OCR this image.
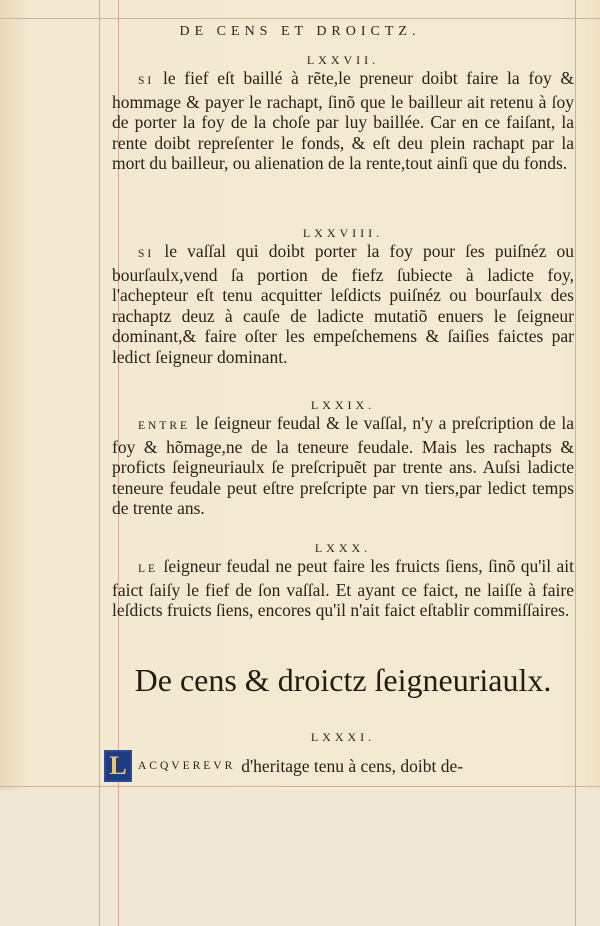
DE CENS ET DROICTZ.

LXXVII.

SI le fief eſt baillé à rẽte,le preneur doibt faire la foy & hommage & payer le rachapt, ſinõ que le bailleur ait retenu à ſoy de porter la foy de la choſe par luy baillée. Car en ce faiſant, la rente doibt repreſenter le fonds, & eſt deu plein rachapt par la mort du bailleur, ou alienation de la rente,tout ainſi que du fonds.

LXXVIII.

SI le vaſſal qui doibt porter la foy pour ſes puiſnéz ou bourſaulx,vend ſa portion de fiefz ſubiecte à ladicte foy, l'achepteur eſt tenu acquitter leſdicts puiſnéz ou bourſaulx des rachaptz deuz à cauſe de ladicte mutatiõ enuers le ſeigneur dominant,& faire oſter les empeſchemens & ſaiſies faictes par ledict ſeigneur dominant.

LXXIX.

ENTRE le ſeigneur feudal & le vaſſal, n'y a preſcription de la foy & hõmage,ne de la teneure feudale. Mais les rachapts & proficts ſeigneuriaulx ſe preſcripuẽt par trente ans. Auſsi ladicte teneure feudale peut eſtre preſcripte par vn tiers,par ledict temps de trente ans.

LXXX.

LE ſeigneur feudal ne peut faire les fruicts ſiens, ſinõ qu'il ait faict ſaiſy le fief de ſon vaſſal. Et ayant ce faict, ne laiſſe à faire leſdicts fruicts ſiens, encores qu'il n'ait faict eſtablir commiſſaires.

De cens & droictz ſeigneuriaulx.
LXXXI.
L ACQVEREVR d'heritage tenu à cens, doibt de-
